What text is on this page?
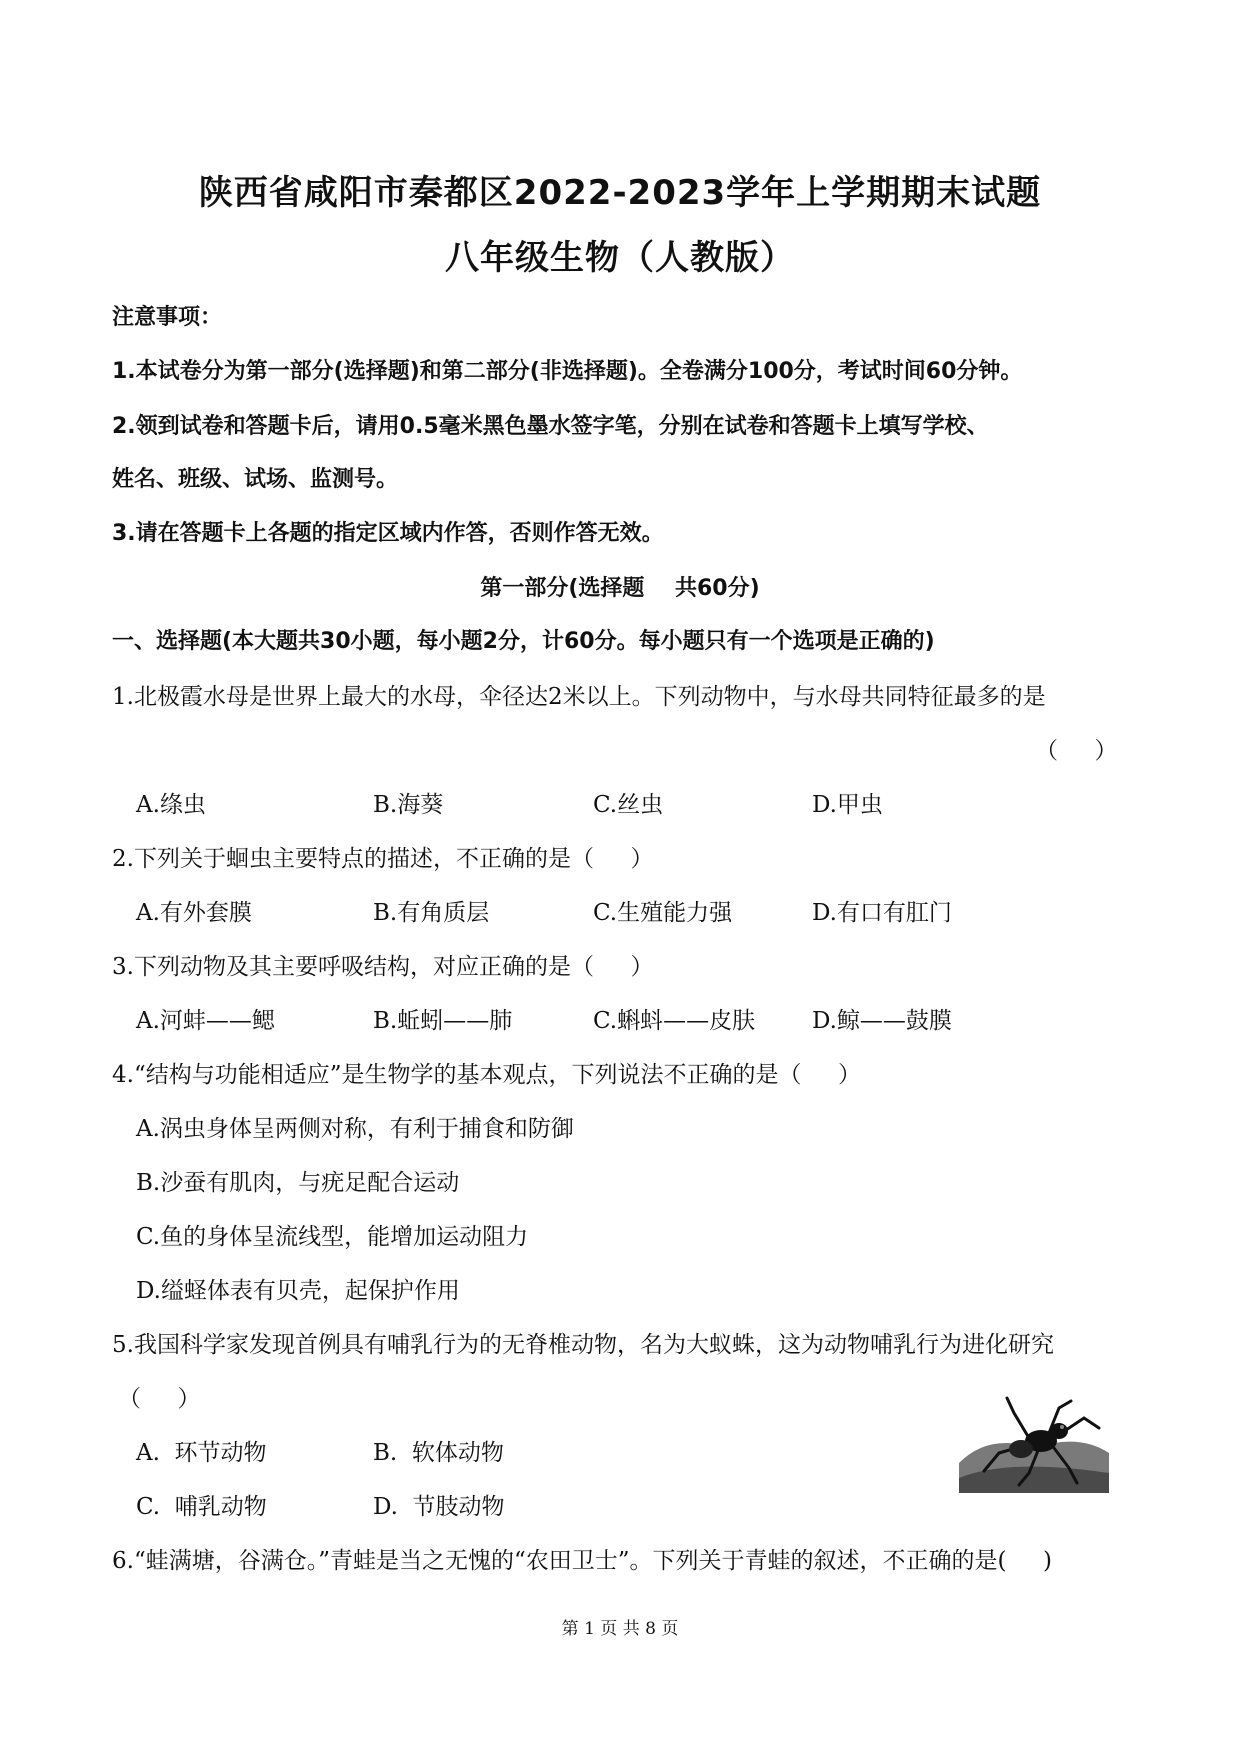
陕西省咸阳市秦都区2022-2023学年上学期期末试题
八年级生物（人教版）
注意事项：
1.本试卷分为第一部分(选择题)和第二部分(非选择题)。全卷满分100分，考试时间60分钟。
2.领到试卷和答题卡后，请用0.5毫米黑色墨水签字笔，分别在试卷和答题卡上填写学校、
姓名、班级、试场、监测号。
3.请在答题卡上各题的指定区域内作答，否则作答无效。
第一部分(选择题    共60分)
一、选择题(本大题共30小题，每小题2分，计60分。每小题只有一个选项是正确的)
1.北极霞水母是世界上最大的水母，伞径达2米以上。下列动物中，与水母共同特征最多的是
（     ）
A.绦虫	B.海葵	C.丝虫	D.甲虫
2.下列关于蛔虫主要特点的描述，不正确的是（     ）
A.有外套膜	B.有角质层	C.生殖能力强	D.有口有肛门
3.下列动物及其主要呼吸结构，对应正确的是（     ）
A.河蚌——鳃	B.蚯蚓——肺	C.蝌蚪——皮肤 D.鲸——鼓膜
4.“结构与功能相适应”是生物学的基本观点，下列说法不正确的是（     ）
A.涡虫身体呈两侧对称，有利于捕食和防御
B.沙蚕有肌肉，与疣足配合运动
C.鱼的身体呈流线型，能增加运动阻力
D.缢蛏体表有贝壳，起保护作用
5.我国科学家发现首例具有哺乳行为的无脊椎动物，名为大蚁蛛，这为动物哺乳行为进化研究
（     ）
A.  环节动物	B.  软体动物
C.  哺乳动物	D.  节肢动物
6.“蛙满塘，谷满仓。”青蛙是当之无愧的“农田卫士”。下列关于青蛙的叙述，不正确的是(     )
第 1 页 共 8 页
